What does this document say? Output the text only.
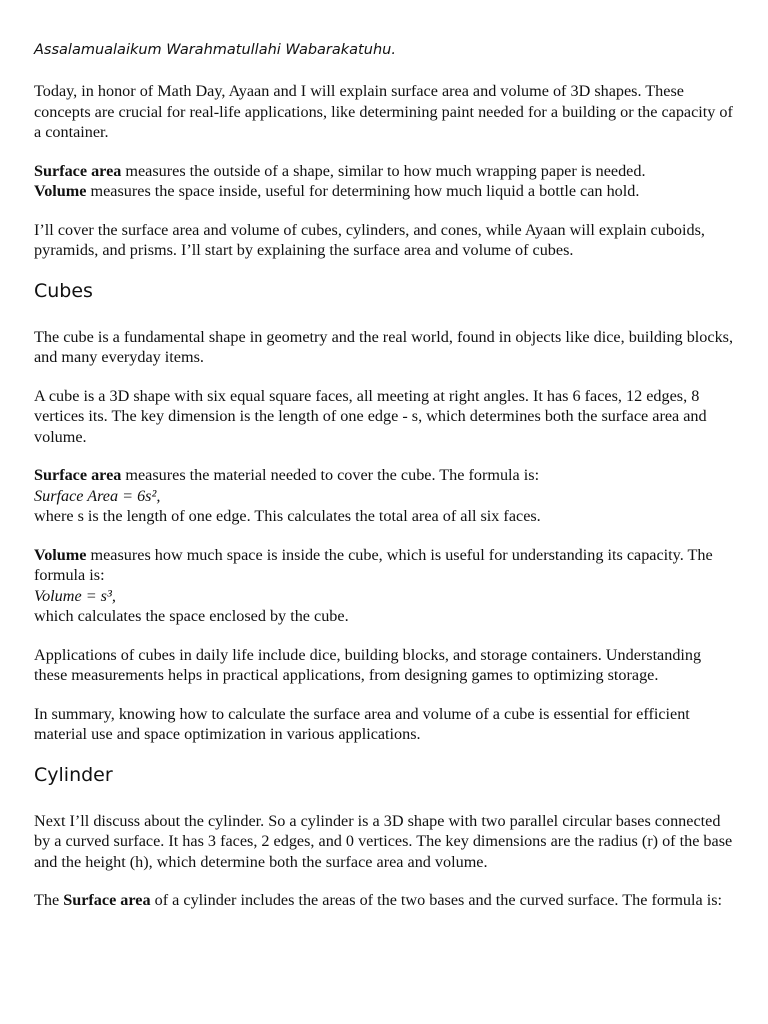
Assalamualaikum Warahmatullahi Wabarakatuhu.

Today, in honor of Math Day, Ayaan and I will explain surface area and volume of 3D shapes. These concepts are crucial for real-life applications, like determining paint needed for a building or the capacity of a container.

Surface area measures the outside of a shape, similar to how much wrapping paper is needed.
Volume measures the space inside, useful for determining how much liquid a bottle can hold.

I’ll cover the surface area and volume of cubes, cylinders, and cones, while Ayaan will explain cuboids, pyramids, and prisms. I’ll start by explaining the surface area and volume of cubes.

Cubes

The cube is a fundamental shape in geometry and the real world, found in objects like dice, building blocks, and many everyday items.

A cube is a 3D shape with six equal square faces, all meeting at right angles. It has 6 faces, 12 edges, 8 vertices its. The key dimension is the length of one edge - s, which determines both the surface area and volume.

Surface area measures the material needed to cover the cube. The formula is:
Surface Area = 6s²,
where s is the length of one edge. This calculates the total area of all six faces.

Volume measures how much space is inside the cube, which is useful for understanding its capacity. The formula is:
Volume = s³,
which calculates the space enclosed by the cube.

Applications of cubes in daily life include dice, building blocks, and storage containers. Understanding these measurements helps in practical applications, from designing games to optimizing storage.

In summary, knowing how to calculate the surface area and volume of a cube is essential for efficient material use and space optimization in various applications.

Cylinder

Next I’ll discuss about the cylinder. So a cylinder is a 3D shape with two parallel circular bases connected by a curved surface. It has 3 faces, 2 edges, and 0 vertices. The key dimensions are the radius (r) of the base and the height (h), which determine both the surface area and volume.

The Surface area of a cylinder includes the areas of the two bases and the curved surface. The formula is:
